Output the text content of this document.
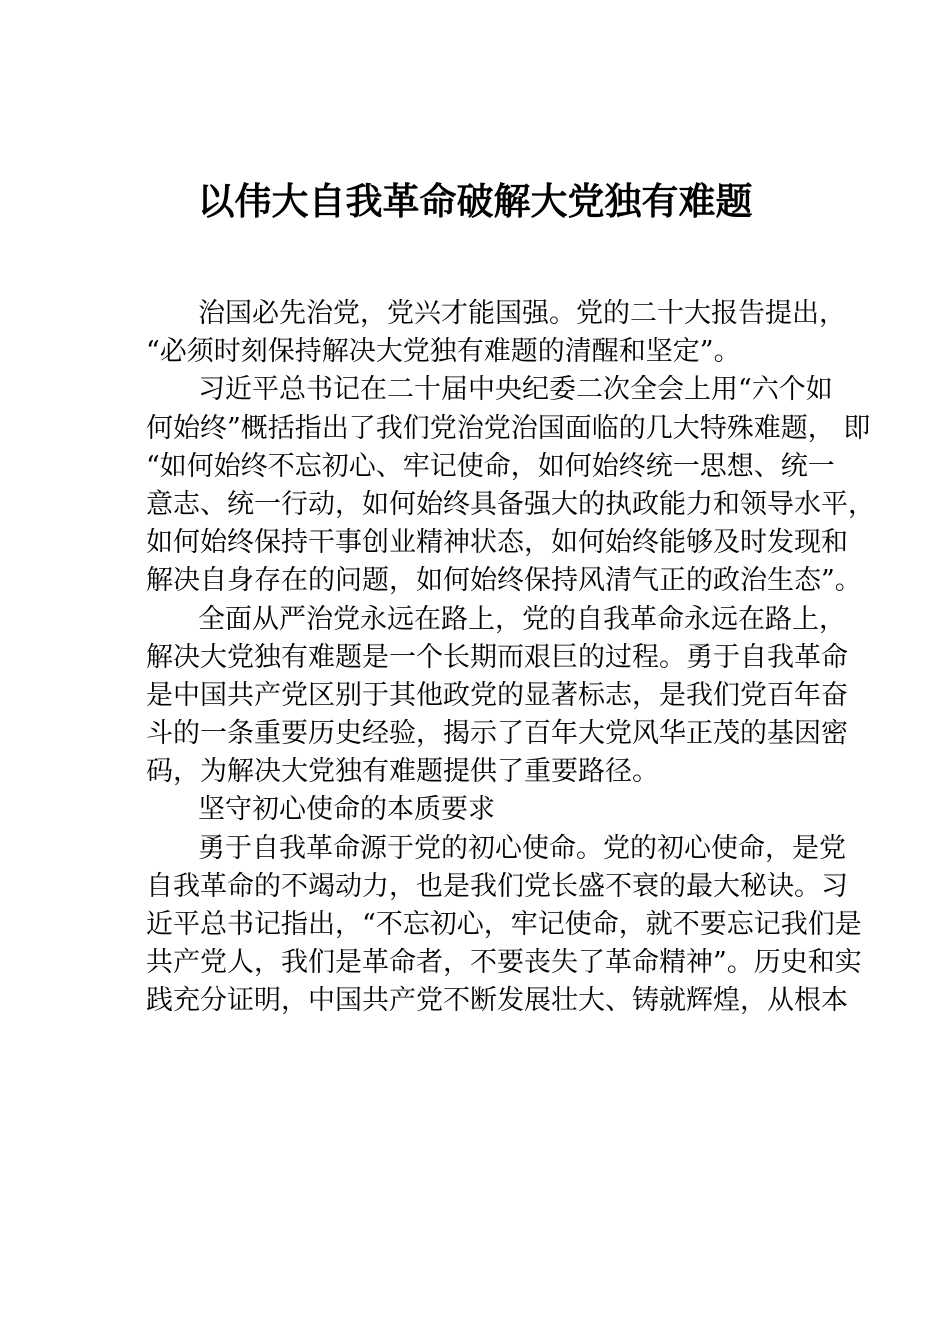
以伟大自我革命破解大党独有难题
治国必先治党，党兴才能国强。党的二十大报告提出，
“必须时刻保持解决大党独有难题的清醒和坚定”。
习近平总书记在二十届中央纪委二次全会上用“六个如
何始终”概括指出了我们党治党治国面临的几大特殊难题， 即
“如何始终不忘初心、牢记使命，如何始终统一思想、统一
意志、统一行动，如何始终具备强大的执政能力和领导水平，
如何始终保持干事创业精神状态，如何始终能够及时发现和
解决自身存在的问题，如何始终保持风清气正的政治生态”。
全面从严治党永远在路上，党的自我革命永远在路上，
解决大党独有难题是一个长期而艰巨的过程。勇于自我革命
是中国共产党区别于其他政党的显著标志，是我们党百年奋
斗的一条重要历史经验，揭示了百年大党风华正茂的基因密
码，为解决大党独有难题提供了重要路径。
坚守初心使命的本质要求
勇于自我革命源于党的初心使命。党的初心使命，是党
自我革命的不竭动力，也是我们党长盛不衰的最大秘诀。习
近平总书记指出，“不忘初心，牢记使命，就不要忘记我们是
共产党人，我们是革命者，不要丧失了革命精神”。历史和实
践充分证明，中国共产党不断发展壮大、铸就辉煌，从根本
